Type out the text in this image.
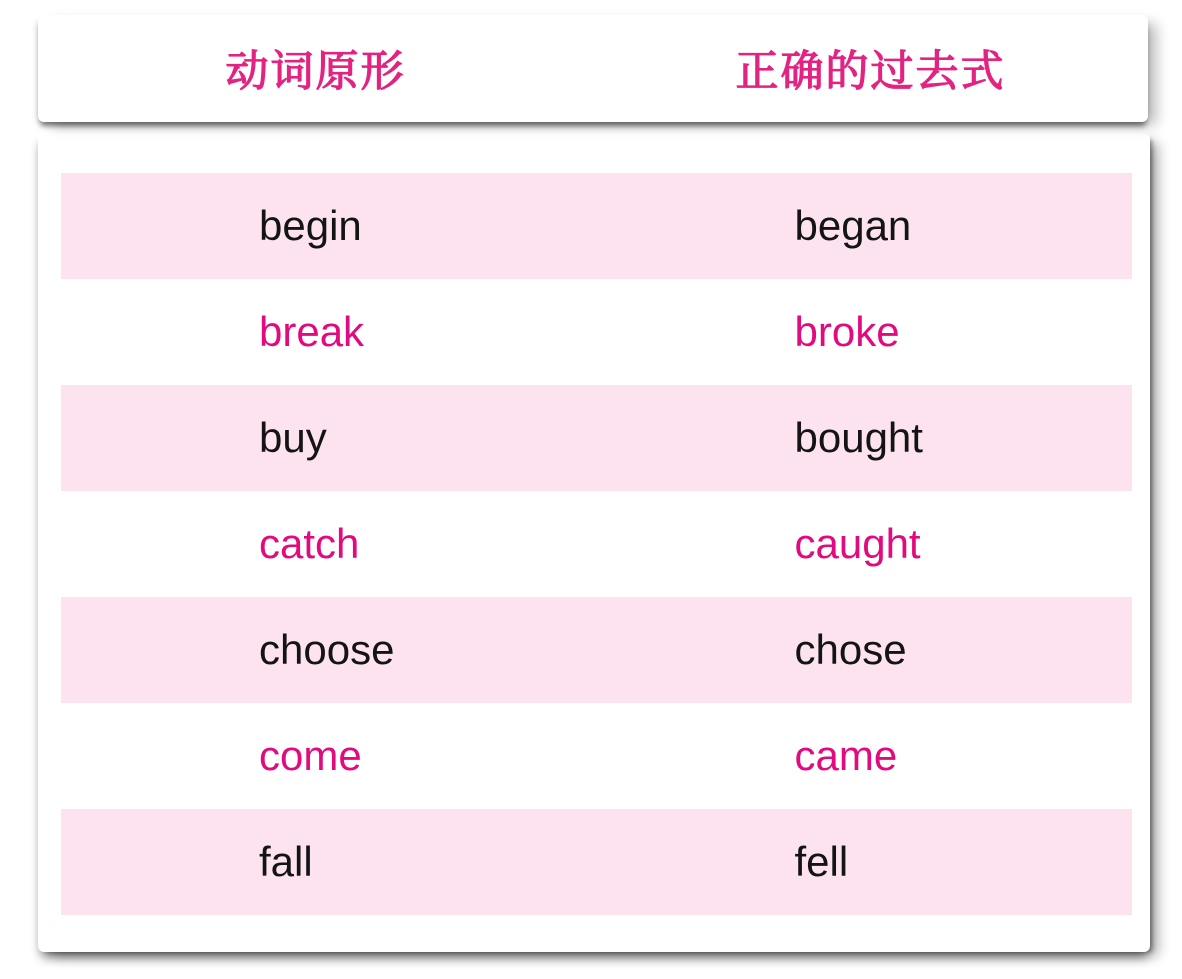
动词原形	正确的过去式
begin	began
break	broke
buy	bought
catch	caught
choose	chose
come	came
fall	fell
